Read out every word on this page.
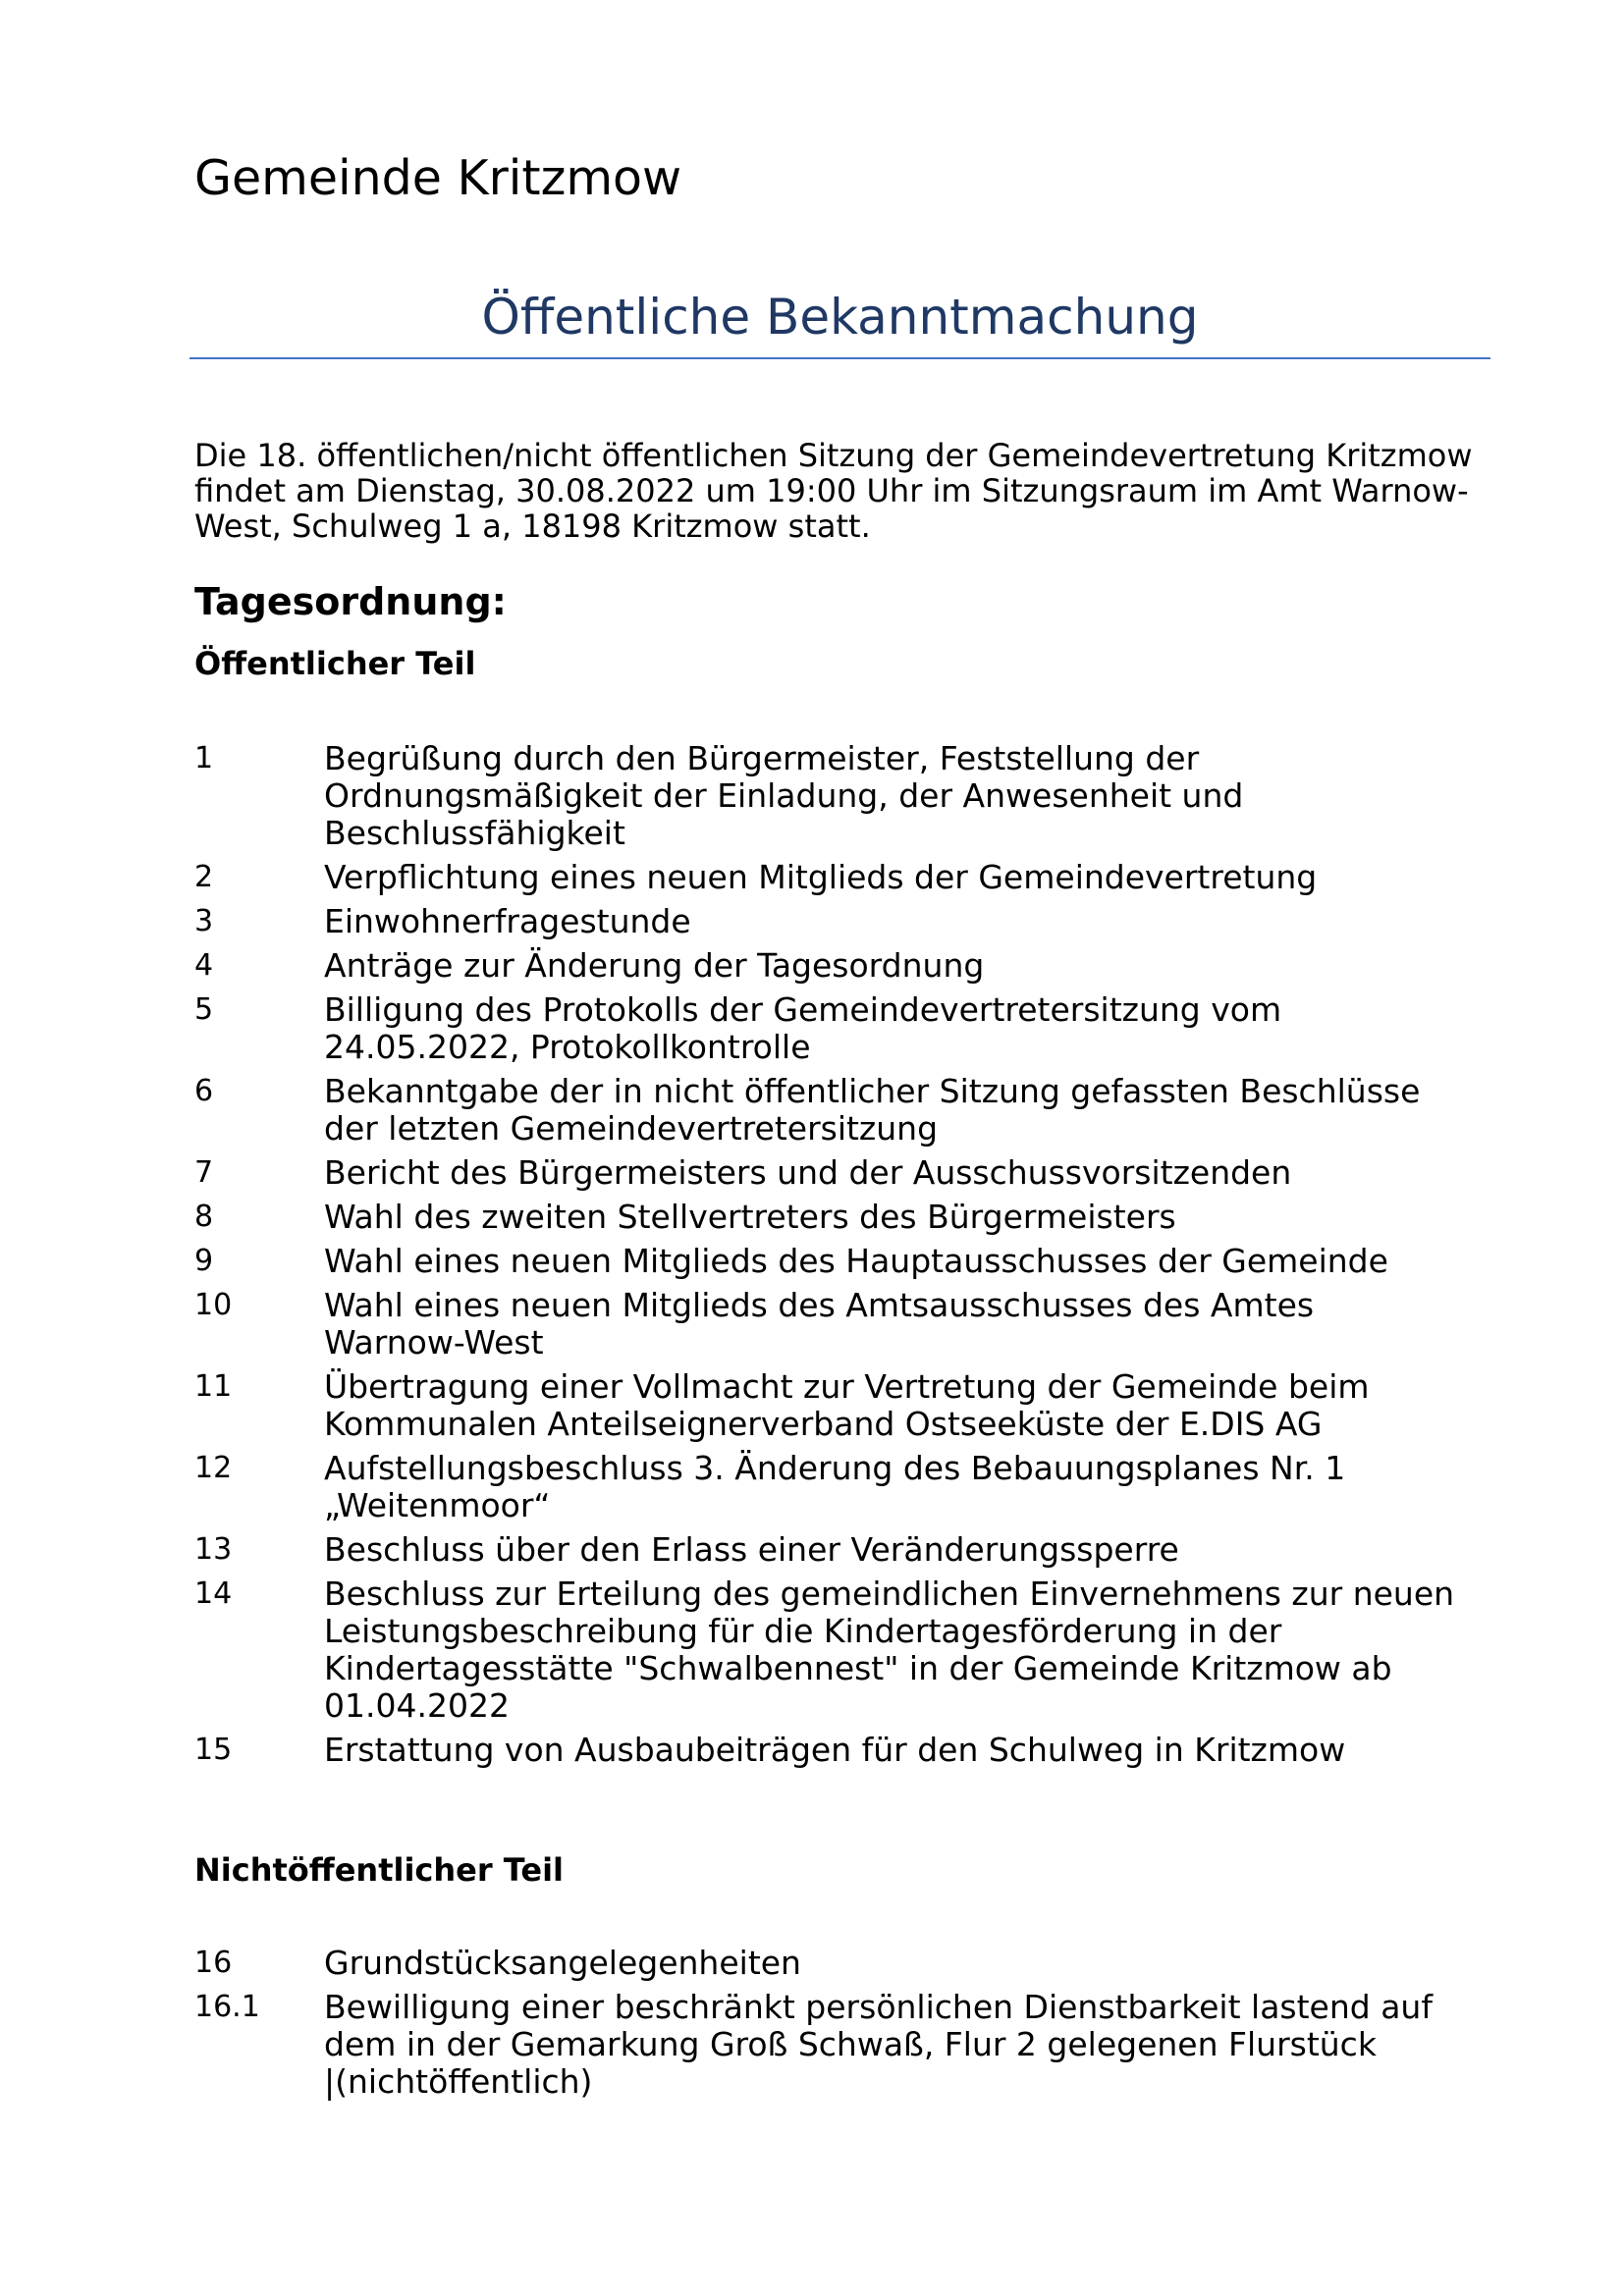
Gemeinde Kritzmow
Öffentliche Bekanntmachung

Die 18. öffentlichen/nicht öffentlichen Sitzung der Gemeindevertretung Kritzmow
findet am Dienstag, 30.08.2022 um 19:00 Uhr im Sitzungsraum im Amt Warnow-
West, Schulweg 1 a, 18198 Kritzmow statt.

Tagesordnung:
Öffentlicher Teil
1	Begrüßung durch den Bürgermeister, Feststellung der
Ordnungsmäßigkeit der Einladung, der Anwesenheit und
Beschlussfähigkeit
2	Verpflichtung eines neuen Mitglieds der Gemeindevertretung
3	Einwohnerfragestunde
4	Anträge zur Änderung der Tagesordnung
5	Billigung des Protokolls der Gemeindevertretersitzung vom
24.05.2022, Protokollkontrolle
6	Bekanntgabe der in nicht öffentlicher Sitzung gefassten Beschlüsse
der letzten Gemeindevertretersitzung
7	Bericht des Bürgermeisters und der Ausschussvorsitzenden
8	Wahl des zweiten Stellvertreters des Bürgermeisters
9	Wahl eines neuen Mitglieds des Hauptausschusses der Gemeinde
10	Wahl eines neuen Mitglieds des Amtsausschusses des Amtes
Warnow-West
11	Übertragung einer Vollmacht zur Vertretung der Gemeinde beim
Kommunalen Anteilseignerverband Ostseeküste der E.DIS AG
12	Aufstellungsbeschluss 3. Änderung des Bebauungsplanes Nr. 1
„Weitenmoor“
13	Beschluss über den Erlass einer Veränderungssperre
14	Beschluss zur Erteilung des gemeindlichen Einvernehmens zur neuen
Leistungsbeschreibung für die Kindertagesförderung in der
Kindertagesstätte "Schwalbennest" in der Gemeinde Kritzmow ab
01.04.2022
15	Erstattung von Ausbaubeiträgen für den Schulweg in Kritzmow
Nichtöffentlicher Teil
16	Grundstücksangelegenheiten
16.1	Bewilligung einer beschränkt persönlichen Dienstbarkeit lastend auf
dem in der Gemarkung Groß Schwaß, Flur 2 gelegenen Flurstück
|(nichtöffentlich)
